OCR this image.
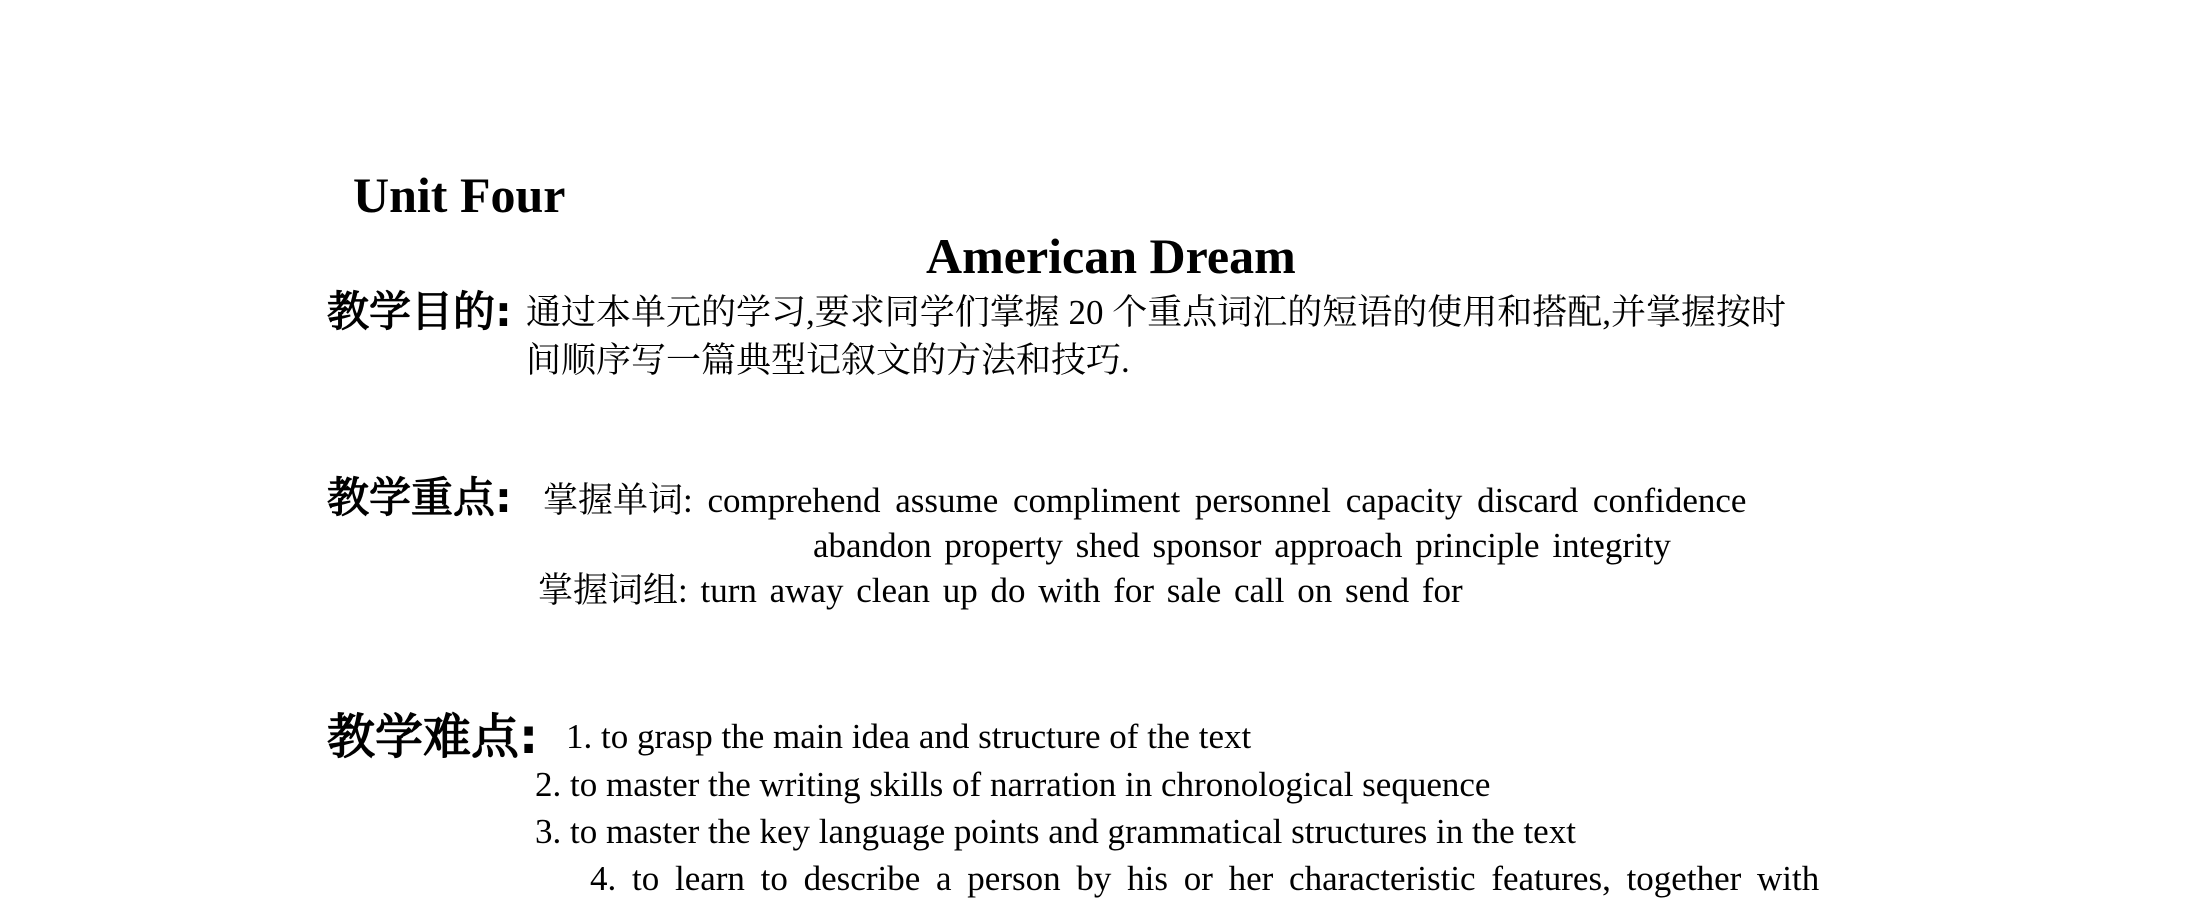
Unit Four
American Dream
教学目的: 通过本单元的学习,要求同学们掌握 20 个重点词汇的短语的使用和搭配,并掌握按时
间顺序写一篇典型记叙文的方法和技巧.
教学重点: 掌握单词: comprehend assume compliment personnel capacity discard confidence
abandon property shed sponsor approach principle integrity
掌握词组: turn away clean up do with for sale call on send for
教学难点: 1. to grasp the main idea and structure of the text
2. to master the writing skills of narration in chronological sequence
3. to master the key language points and grammatical structures in the text
4. to learn to describe a person by his or her characteristic features, together with
